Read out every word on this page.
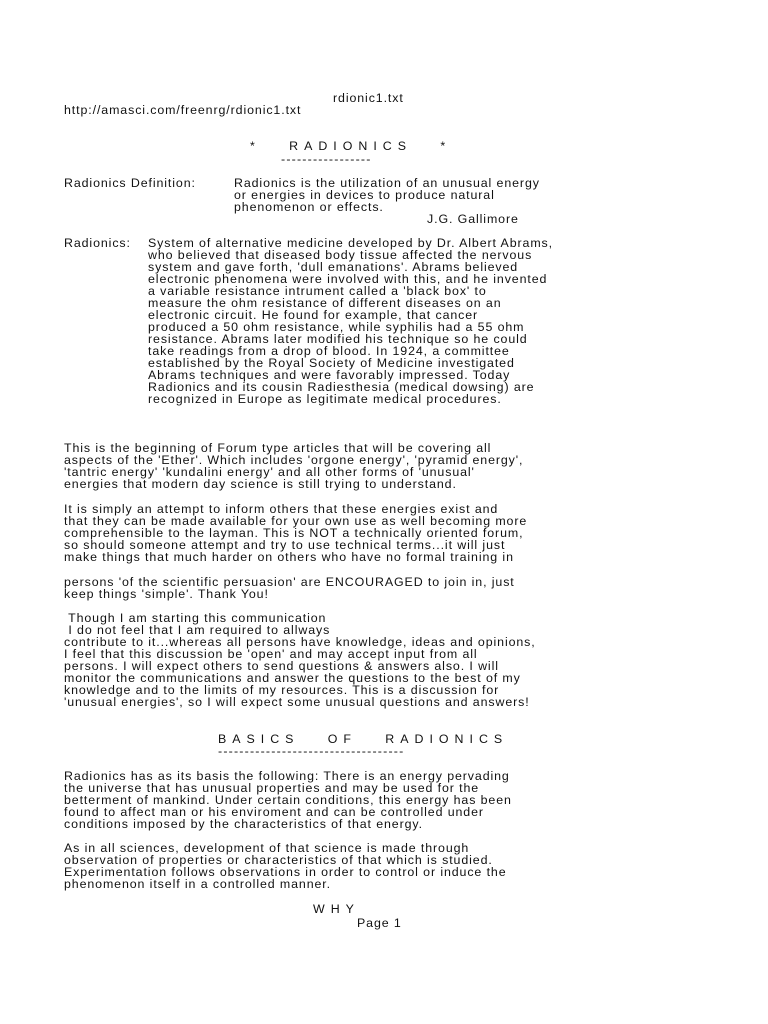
rdionic1.txt
http://amasci.com/freenrg/rdionic1.txt
*   RADIONICS   *
-----------------
Radionics Definition:	Radionics is the utilization of an unusual energy
or energies in devices to produce natural
phenomenon or effects.
J.G. Gallimore
Radionics: System of alternative medicine developed by Dr. Albert Abrams,
who believed that diseased body tissue affected the nervous
system and gave forth, 'dull emanations'. Abrams believed
electronic phenomena were involved with this, and he invented
a variable resistance intrument called a 'black box' to
measure the ohm resistance of different diseases on an
electronic circuit. He found for example, that cancer
produced a 50 ohm resistance, while syphilis had a 55 ohm
resistance. Abrams later modified his technique so he could
take readings from a drop of blood. In 1924, a committee
established by the Royal Society of Medicine investigated
Abrams techniques and were favorably impressed. Today
Radionics and its cousin Radiesthesia (medical dowsing) are
recognized in Europe as legitimate medical procedures.
This is the beginning of Forum type articles that will be covering all
aspects of the 'Ether'. Which includes 'orgone energy', 'pyramid energy',
'tantric energy' 'kundalini energy' and all other forms of 'unusual'
energies that modern day science is still trying to understand.
It is simply an attempt to inform others that these energies exist and
that they can be made available for your own use as well becoming more
comprehensible to the layman. This is NOT a technically oriented forum,
so should someone attempt and try to use technical terms...it will just
make things that much harder on others who have no formal training in
persons 'of the scientific persuasion' are ENCOURAGED to join in, just
keep things 'simple'. Thank You!
Though I am starting this communication
I do not feel that I am required to allways
contribute to it...whereas all persons have knowledge, ideas and opinions,
I feel that this discussion be 'open' and may accept input from all
persons. I will expect others to send questions & answers also. I will
monitor the communications and answer the questions to the best of my
knowledge and to the limits of my resources. This is a discussion for
'unusual energies', so I will expect some unusual questions and answers!
BASICS   OF   RADIONICS
-----------------------------------
Radionics has as its basis the following: There is an energy pervading
the universe that has unusual properties and may be used for the
betterment of mankind. Under certain conditions, this energy has been
found to affect man or his enviroment and can be controlled under
conditions imposed by the characteristics of that energy.
As in all sciences, development of that science is made through
observation of properties or characteristics of that which is studied.
Experimentation follows observations in order to control or induce the
phenomenon itself in a controlled manner.
WHY
Page 1
